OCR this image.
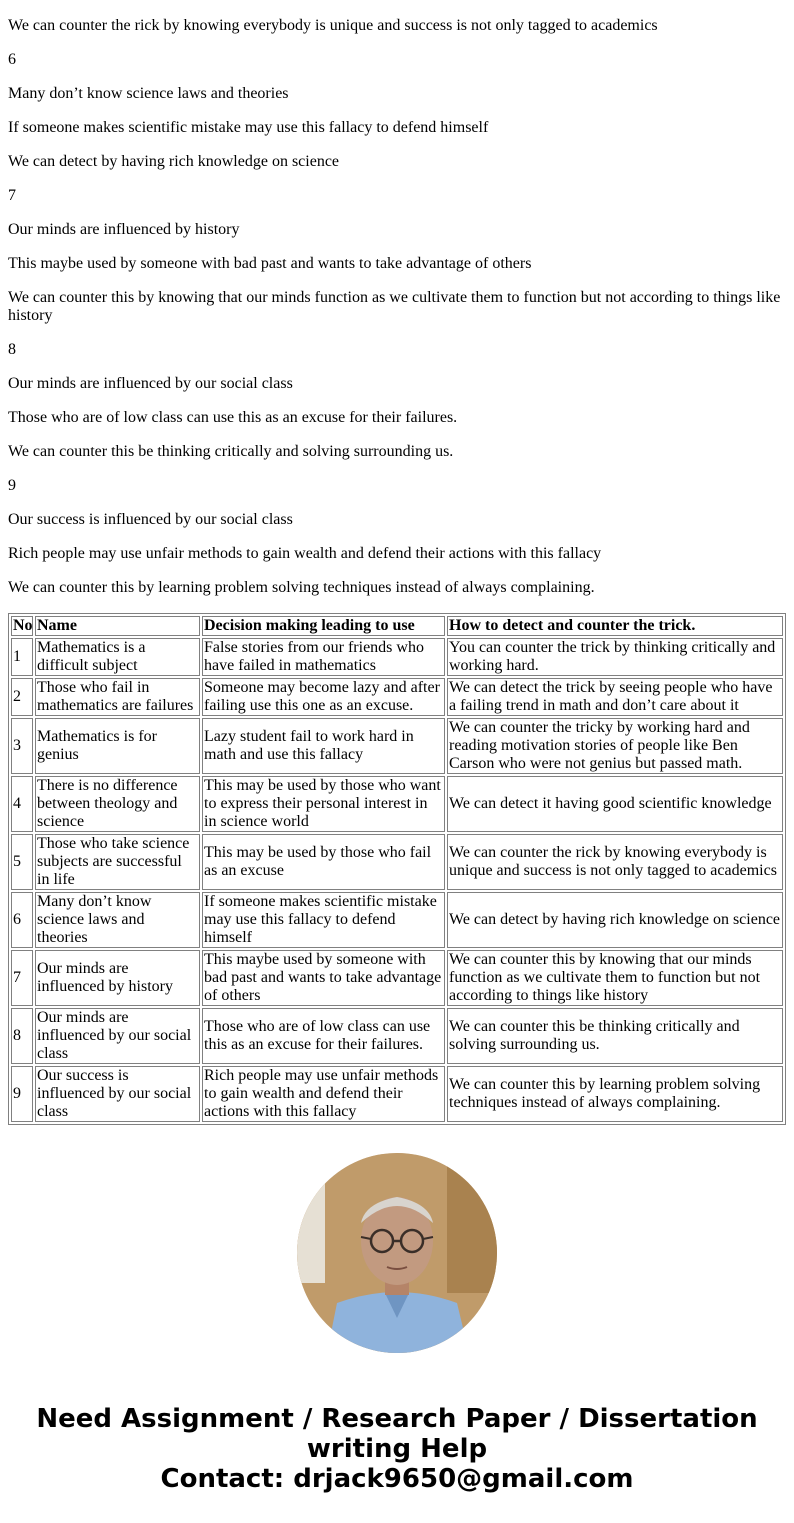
We can counter the rick by knowing everybody is unique and success is not only tagged to academics

6

Many don’t know science laws and theories

If someone makes scientific mistake may use this fallacy to defend himself

We can detect by having rich knowledge on science

7

Our minds are influenced by history

This maybe used by someone with bad past and wants to take advantage of others

We can counter this by knowing that our minds function as we cultivate them to function but not according to things like history

8

Our minds are influenced by our social class

Those who are of low class can use this as an excuse for their failures.

We can counter this be thinking critically and solving surrounding us.

9

Our success is influenced by our social class

Rich people may use unfair methods to gain wealth and defend their actions with this fallacy

We can counter this by learning problem solving techniques instead of always complaining.

No	Name	Decision making leading to use	How to detect and counter the trick.
1	Mathematics is a difficult subject	False stories from our friends who have failed in mathematics	You can counter the trick by thinking critically and working hard.
2	Those who fail in mathematics are failures	Someone may become lazy and after failing use this one as an excuse.	We can detect the trick by seeing people who have a failing trend in math and don’t care about it
3	Mathematics is for genius	Lazy student fail to work hard in math and use this fallacy	We can counter the tricky by working hard and reading motivation stories of people like Ben Carson who were not genius but passed math.
4	There is no difference between theology and science	This may be used by those who want to express their personal interest in in science world	We can detect it having good scientific knowledge
5	Those who take science subjects are successful in life	This may be used by those who fail as an excuse	We can counter the rick by knowing everybody is unique and success is not only tagged to academics
6	Many don’t know science laws and theories	If someone makes scientific mistake may use this fallacy to defend himself	We can detect by having rich knowledge on science
7	Our minds are influenced by history	This maybe used by someone with bad past and wants to take advantage of others	We can counter this by knowing that our minds function as we cultivate them to function but not according to things like history
8	Our minds are influenced by our social class	Those who are of low class can use this as an excuse for their failures.	We can counter this be thinking critically and solving surrounding us.
9	Our success is influenced by our social class	Rich people may use unfair methods to gain wealth and defend their actions with this fallacy	We can counter this by learning problem solving techniques instead of always complaining.
Need Assignment / Research Paper / Dissertation writing Help
Contact: drjack9650@gmail.com
